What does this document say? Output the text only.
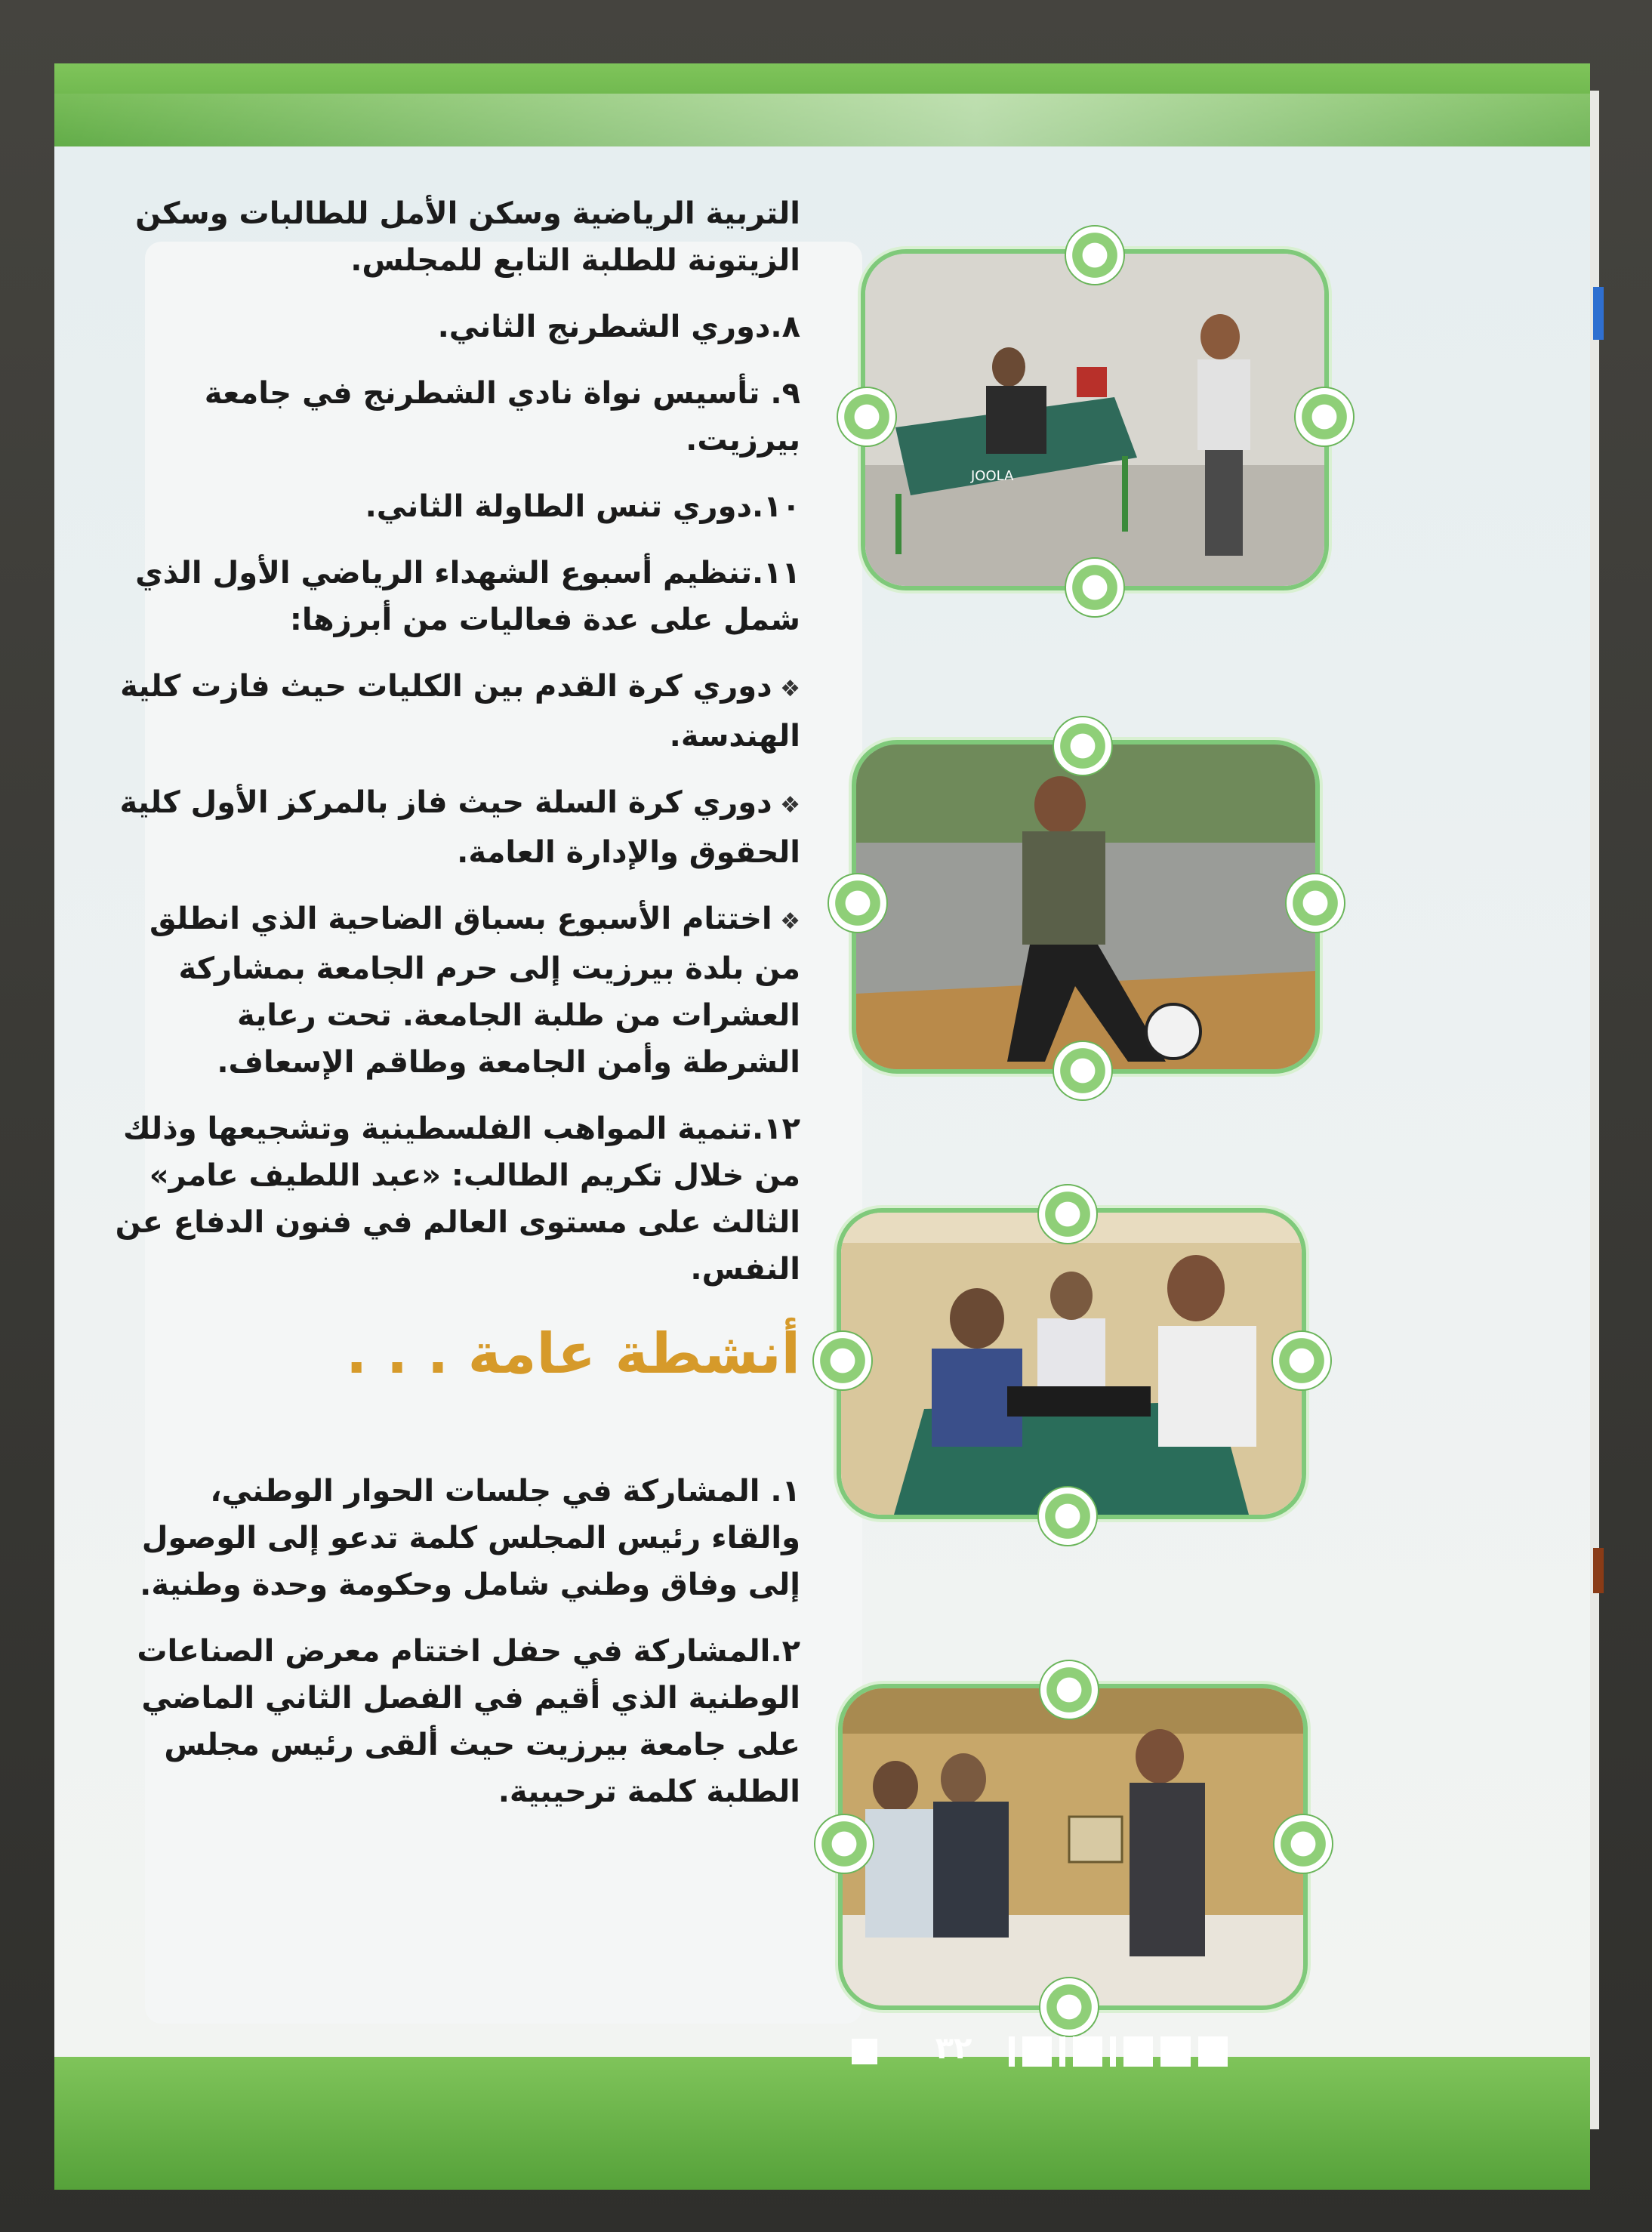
التربية الرياضية وسكن الأمل للطالبات وسكن الزيتونة للطلبة التابع للمجلس.

٨.دوري الشطرنج الثاني.

٩. تأسيس نواة نادي الشطرنج في جامعة بيرزيت.

١٠.دوري تنس الطاولة الثاني.

١١.تنظيم أسبوع الشهداء الرياضي الأول الذي شمل على عدة فعاليات من أبرزها:

❖ دوري كرة القدم بين الكليات حيث فازت كلية الهندسة.

❖ دوري كرة السلة حيث فاز بالمركز الأول كلية الحقوق والإدارة العامة.

❖ اختتام الأسبوع بسباق الضاحية الذي انطلق من بلدة بيرزيت إلى حرم الجامعة بمشاركة العشرات من طلبة الجامعة. تحت رعاية الشرطة وأمن الجامعة وطاقم الإسعاف.

١٢.تنمية المواهب الفلسطينية وتشجيعها وذلك من خلال تكريم الطالب: «عبد اللطيف عامر» الثالث على مستوى العالم في فنون الدفاع عن النفس.

أنشطة عامة . . .

١. المشاركة في جلسات الحوار الوطني، والقاء رئيس المجلس كلمة تدعو إلى الوصول إلى وفاق وطني شامل وحكومة وحدة وطنية.

٢.المشاركة في حفل اختتام معرض الصناعات الوطنية الذي أقيم في الفصل الثاني الماضي على جامعة بيرزيت حيث ألقى رئيس مجلس الطلبة كلمة ترحيبية.

JOOLA
٣٢
